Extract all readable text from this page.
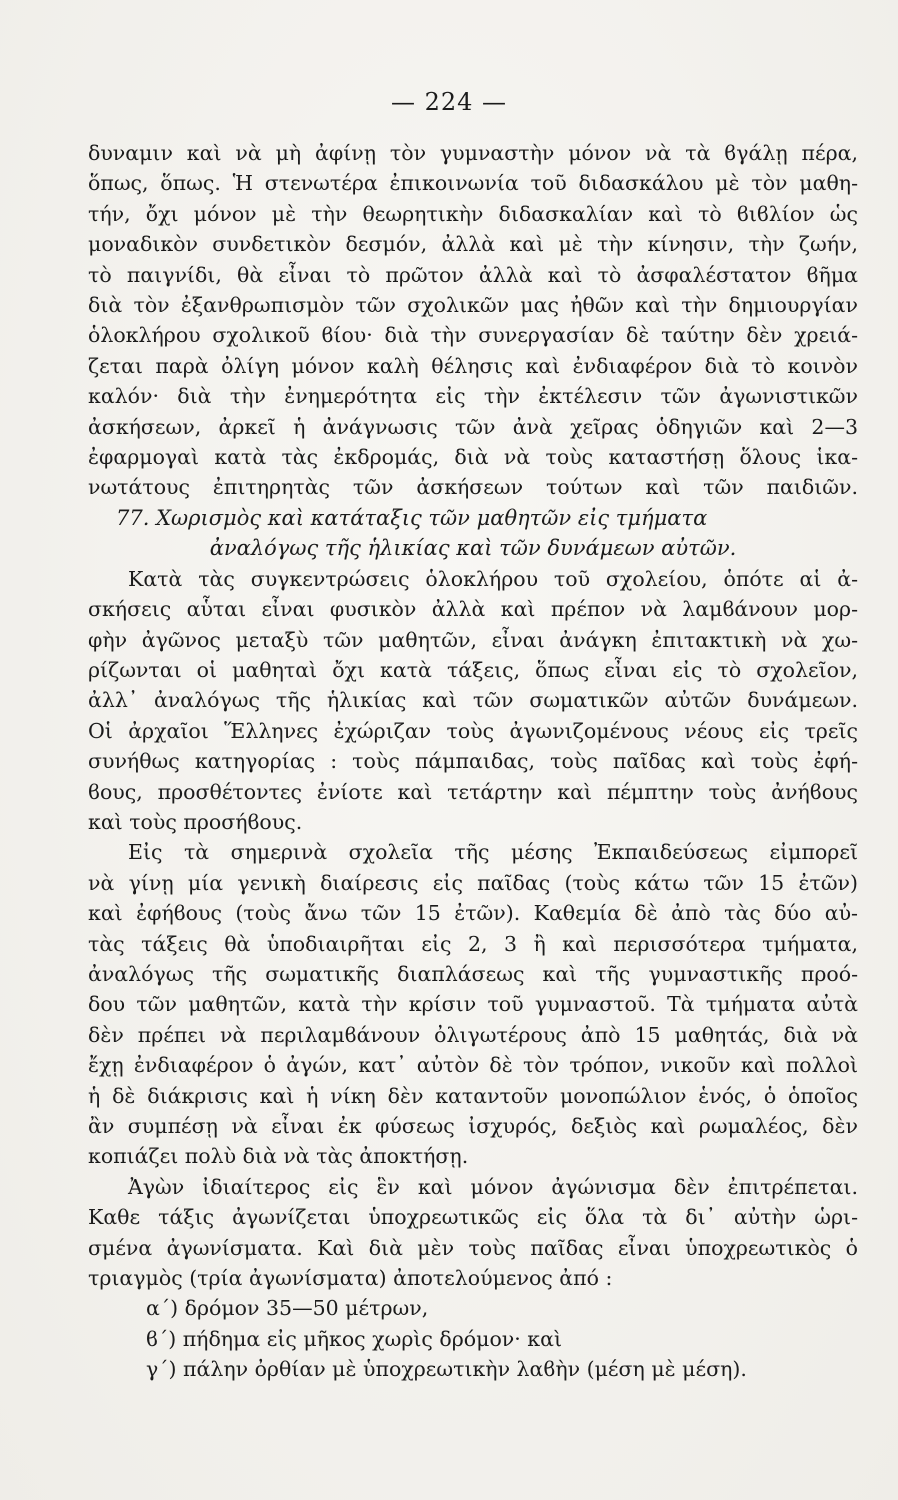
— 224 —
δυναμιν καὶ νὰ μὴ ἀφίνῃ τὸν γυμναστὴν μόνον νὰ τὰ ϐγάλῃ πέρα,
ὅπως, ὅπως. Ἡ στενωτέρα ἐπικοινωνία τοῦ διδασκάλου μὲ τὸν μαθη-
τήν, ὄχι μόνον μὲ τὴν θεωρητικὴν διδασκαλίαν καὶ τὸ ϐιϐλίον ὡς
μοναδικὸν συνδετικὸν δεσμόν, ἀλλὰ καὶ μὲ τὴν κίνησιν, τὴν ζωήν,
τὸ παιγνίδι, θὰ εἶναι τὸ πρῶτον ἀλλὰ καὶ τὸ ἀσφαλέστατον ϐῆμα
διὰ τὸν ἐξανθρωπισμὸν τῶν σχολικῶν μας ἠθῶν καὶ τὴν δημιουργίαν
ὁλοκλήρου σχολικοῦ ϐίου· διὰ τὴν συνεργασίαν δὲ ταύτην δὲν χρειά-
ζεται παρὰ ὀλίγη μόνον καλὴ θέλησις καὶ ἐνδιαφέρον διὰ τὸ κοινὸν
καλόν· διὰ τὴν ἐνημερότητα εἰς τὴν ἐκτέλεσιν τῶν ἀγωνιστικῶν
ἀσκήσεων, ἀρκεῖ ἡ ἀνάγνωσις τῶν ἀνὰ χεῖρας ὁδηγιῶν καὶ 2—3
ἐφαρμογαὶ κατὰ τὰς ἐκδρομάς, διὰ νὰ τοὺς καταστήσῃ ὅλους ἱκα-
νωτάτους ἐπιτηρητὰς τῶν ἀσκήσεων τούτων καὶ τῶν παιδιῶν.
77. Χωρισμὸς καὶ κατάταξις τῶν μαθητῶν εἰς τμήματα
ἀναλόγως τῆς ἡλικίας καὶ τῶν δυνάμεων αὐτῶν.
Κατὰ τὰς συγκεντρώσεις ὁλοκλήρου τοῦ σχολείου, ὁπότε αἱ ἀ-
σκήσεις αὗται εἶναι φυσικὸν ἀλλὰ καὶ πρέπον νὰ λαμϐάνουν μορ-
φὴν ἀγῶνος μεταξὺ τῶν μαθητῶν, εἶναι ἀνάγκη ἐπιτακτικὴ νὰ χω-
ρίζωνται οἱ μαθηταὶ ὄχι κατὰ τάξεις, ὅπως εἶναι εἰς τὸ σχολεῖον,
ἀλλ᾽ ἀναλόγως τῆς ἡλικίας καὶ τῶν σωματικῶν αὐτῶν δυνάμεων.
Οἱ ἀρχαῖοι Ἕλληνες ἐχώριζαν τοὺς ἀγωνιζομένους νέους εἰς τρεῖς
συνήθως κατηγορίας : τοὺς πάμπαιδας, τοὺς παῖδας καὶ τοὺς ἐφή-
ϐους, προσθέτοντες ἐνίοτε καὶ τετάρτην καὶ πέμπτην τοὺς ἀνήϐους
καὶ τοὺς προσήϐους.
Εἰς τὰ σημερινὰ σχολεῖα τῆς μέσης Ἐκπαιδεύσεως εἰμπορεῖ
νὰ γίνῃ μία γενικὴ διαίρεσις εἰς παῖδας (τοὺς κάτω τῶν 15 ἐτῶν)
καὶ ἐφήϐους (τοὺς ἄνω τῶν 15 ἐτῶν). Καθεμία δὲ ἀπὸ τὰς δύο αὐ-
τὰς τάξεις θὰ ὑποδιαιρῆται εἰς 2, 3 ἢ καὶ περισσότερα τμήματα,
ἀναλόγως τῆς σωματικῆς διαπλάσεως καὶ τῆς γυμναστικῆς προό-
δου τῶν μαθητῶν, κατὰ τὴν κρίσιν τοῦ γυμναστοῦ. Τὰ τμήματα αὐτὰ
δὲν πρέπει νὰ περιλαμϐάνουν ὀλιγωτέρους ἀπὸ 15 μαθητάς, διὰ νὰ
ἔχῃ ἐνδιαφέρον ὁ ἀγών, κατ᾽ αὐτὸν δὲ τὸν τρόπον, νικοῦν καὶ πολλοὶ
ἡ δὲ διάκρισις καὶ ἡ νίκη δὲν καταντοῦν μονοπώλιον ἑνός, ὁ ὁποῖος
ἂν συμπέσῃ νὰ εἶναι ἐκ φύσεως ἰσχυρός, δεξιὸς καὶ ρωμαλέος, δὲν
κοπιάζει πολὺ διὰ νὰ τὰς ἀποκτήσῃ.
Ἀγὼν ἰδιαίτερος εἰς ἓν καὶ μόνον ἀγώνισμα δὲν ἐπιτρέπεται.
Καθε τάξις ἀγωνίζεται ὑποχρεωτικῶς εἰς ὅλα τὰ δι᾽ αὐτὴν ὡρι-
σμένα ἀγωνίσματα. Καὶ διὰ μὲν τοὺς παῖδας εἶναι ὑποχρεωτικὸς ὁ
τριαγμὸς (τρία ἀγωνίσματα) ἀποτελούμενος ἀπό :
α´) δρόμον 35—50 μέτρων,
ϐ´) πήδημα εἰς μῆκος χωρὶς δρόμον· καὶ
γ´) πάλην ὀρθίαν μὲ ὑποχρεωτικὴν λαϐὴν (μέση μὲ μέση).
